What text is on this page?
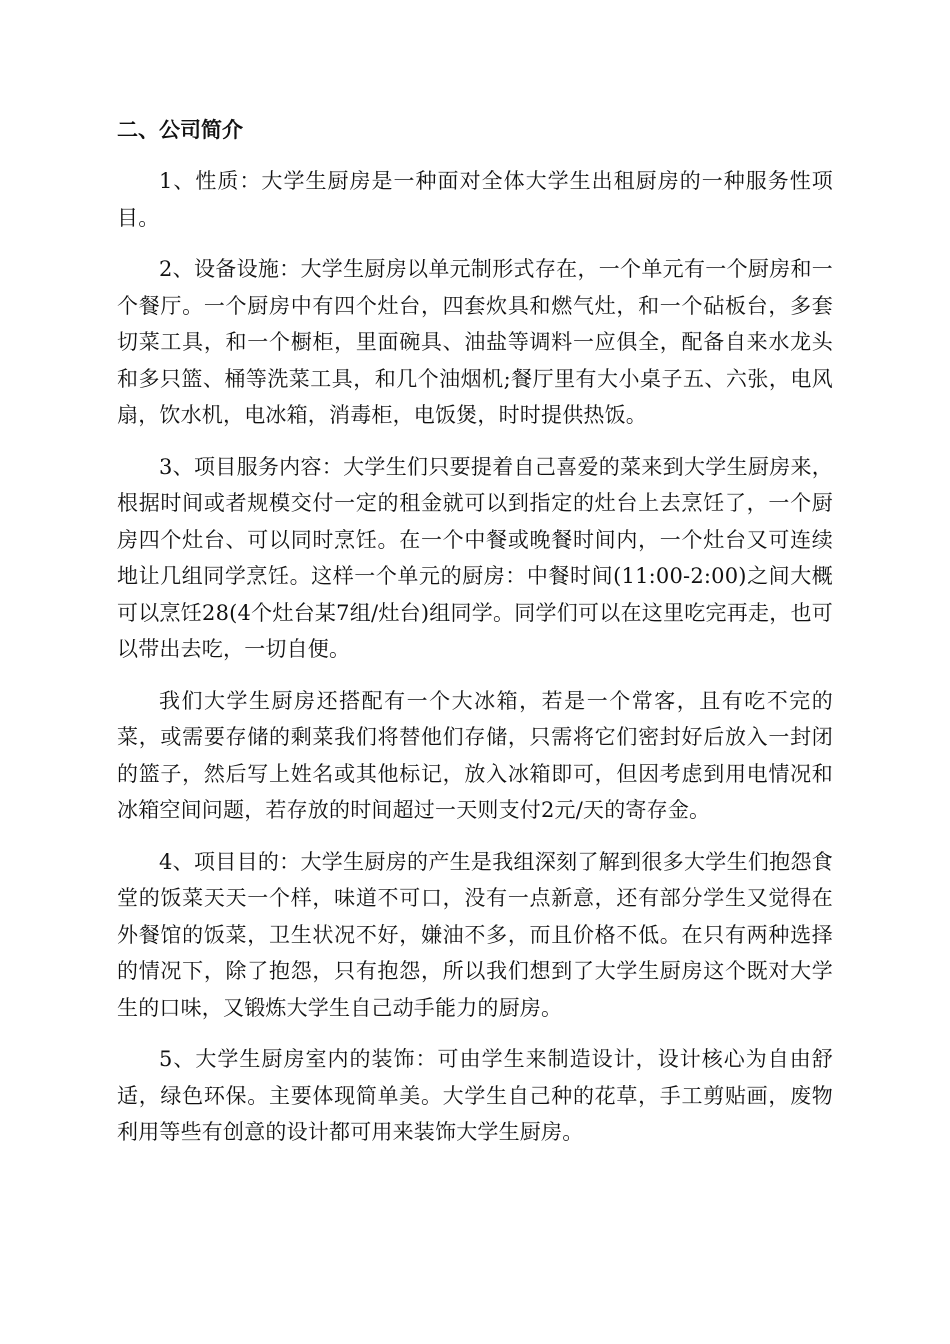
二、公司简介

1、性质：大学生厨房是一种面对全体大学生出租厨房的一种服务性项目。

2、设备设施：大学生厨房以单元制形式存在，一个单元有一个厨房和一个餐厅。一个厨房中有四个灶台，四套炊具和燃气灶，和一个砧板台，多套切菜工具，和一个橱柜，里面碗具、油盐等调料一应俱全，配备自来水龙头和多只篮、桶等洗菜工具，和几个油烟机;餐厅里有大小桌子五、六张，电风扇，饮水机，电冰箱，消毒柜，电饭煲，时时提供热饭。

3、项目服务内容：大学生们只要提着自己喜爱的菜来到大学生厨房来，根据时间或者规模交付一定的租金就可以到指定的灶台上去烹饪了，一个厨房四个灶台、可以同时烹饪。在一个中餐或晚餐时间内，一个灶台又可连续地让几组同学烹饪。这样一个单元的厨房：中餐时间(11:00-2:00)之间大概可以烹饪28(4个灶台某7组/灶台)组同学。同学们可以在这里吃完再走，也可以带出去吃，一切自便。

我们大学生厨房还搭配有一个大冰箱，若是一个常客，且有吃不完的菜，或需要存储的剩菜我们将替他们存储，只需将它们密封好后放入一封闭的篮子，然后写上姓名或其他标记，放入冰箱即可，但因考虑到用电情况和冰箱空间问题，若存放的时间超过一天则支付2元/天的寄存金。

4、项目目的：大学生厨房的产生是我组深刻了解到很多大学生们抱怨食堂的饭菜天天一个样，味道不可口，没有一点新意，还有部分学生又觉得在外餐馆的饭菜，卫生状况不好，嫌油不多，而且价格不低。在只有两种选择的情况下，除了抱怨，只有抱怨，所以我们想到了大学生厨房这个既对大学生的口味，又锻炼大学生自己动手能力的厨房。

5、大学生厨房室内的装饰：可由学生来制造设计，设计核心为自由舒适，绿色环保。主要体现简单美。大学生自己种的花草，手工剪贴画，废物利用等些有创意的设计都可用来装饰大学生厨房。
